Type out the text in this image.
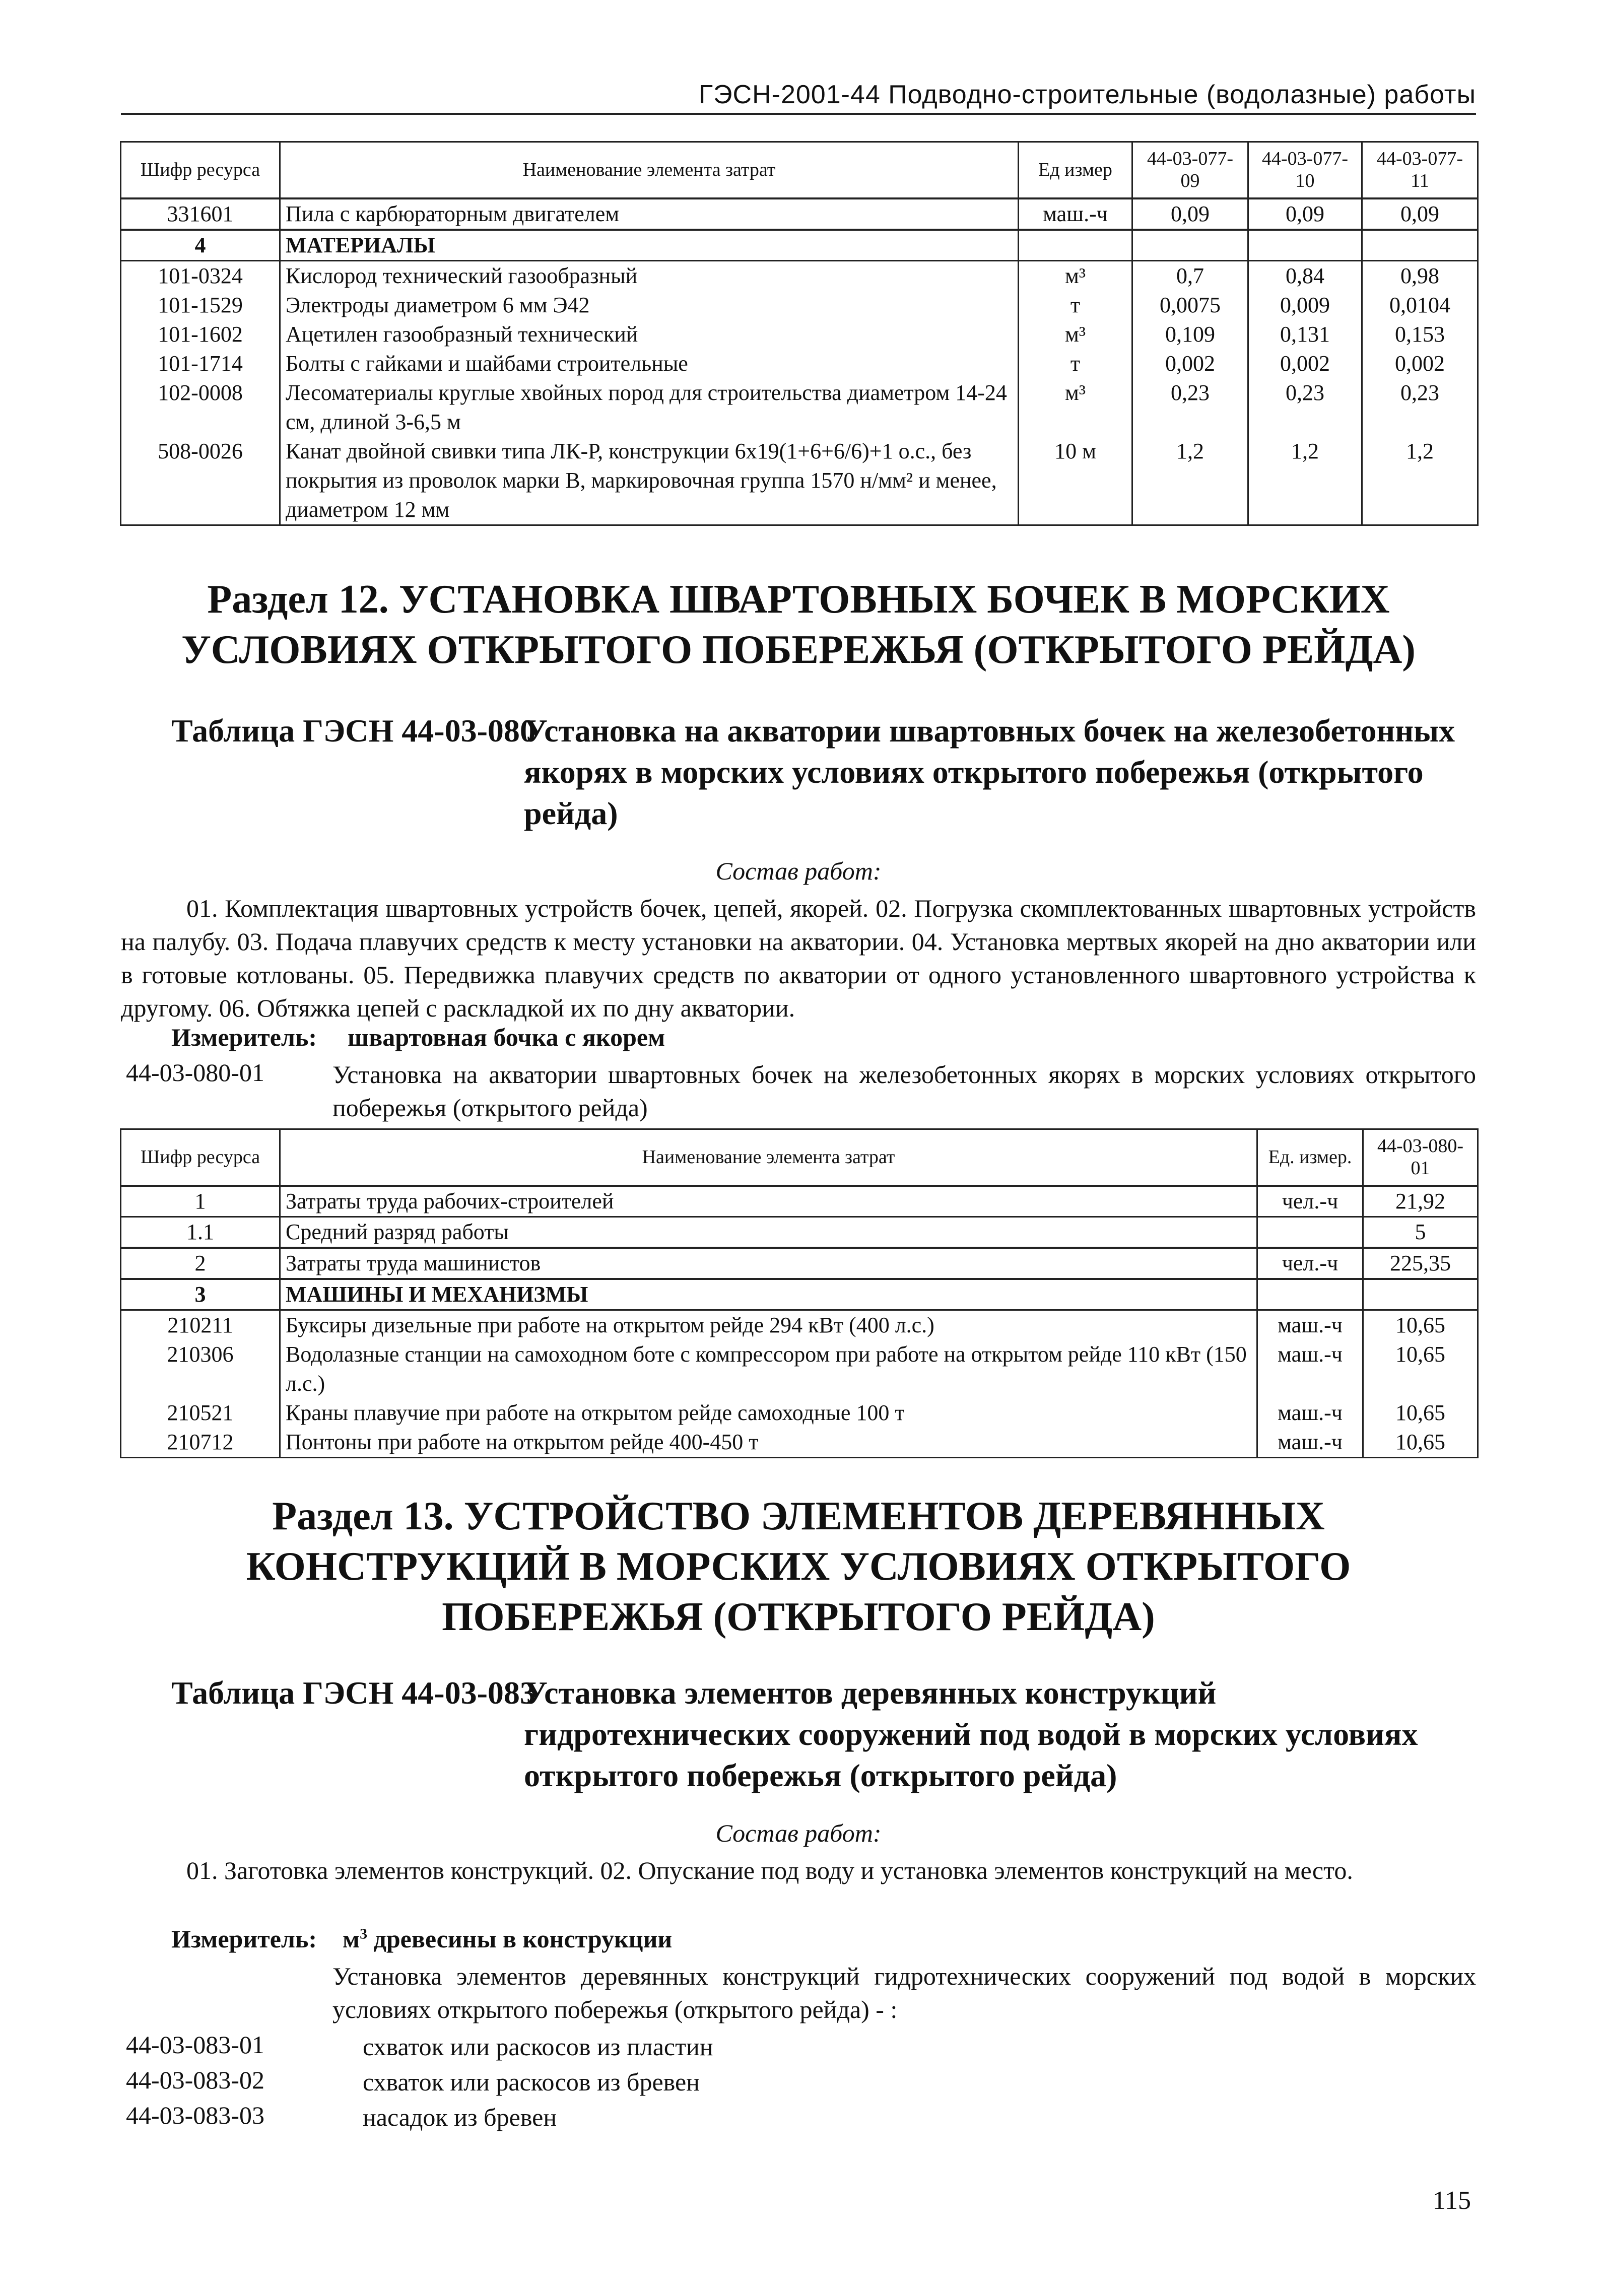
ГЭСН-2001-44 Подводно-строительные (водолазные) работы
Шифр ресурса	Наименование элемента затрат	Ед измер	44-03-077-09	44-03-077-10	44-03-077-11
331601	Пила с карбюраторным двигателем	маш.-ч	0,09	0,09	0,09
4	МАТЕРИАЛЫ				
101-0324	Кислород технический газообразный	м³	0,7	0,84	0,98
101-1529	Электроды диаметром 6 мм Э42	т	0,0075	0,009	0,0104
101-1602	Ацетилен газообразный технический	м³	0,109	0,131	0,153
101-1714	Болты с гайками и шайбами строительные	т	0,002	0,002	0,002
102-0008	Лесоматериалы круглые хвойных пород для строительства диаметром 14-24 см, длиной 3-6,5 м	м³	0,23	0,23	0,23
508-0026	Канат двойной свивки типа ЛК-Р, конструкции 6х19(1+6+6/6)+1 о.с., без покрытия из проволок марки В, маркировочная группа 1570 н/мм² и менее, диаметром 12 мм	10 м	1,2	1,2	1,2
Раздел 12. УСТАНОВКА ШВАРТОВНЫХ БОЧЕК В МОРСКИХ УСЛОВИЯХ ОТКРЫТОГО ПОБЕРЕЖЬЯ (ОТКРЫТОГО РЕЙДА)
Таблица ГЭСН 44-03-080
Установка на акватории швартовных бочек на железобетонных якорях в морских условиях открытого побережья (открытого рейда)
Состав работ:
01. Комплектация швартовных устройств бочек, цепей, якорей. 02. Погрузка скомплектованных швартовных устройств на палубу. 03. Подача плавучих средств к месту установки на акватории. 04. Установка мертвых якорей на дно акватории или в готовые котлованы. 05. Передвижка плавучих средств по акватории от одного установленного швартовного устройства к другому. 06. Обтяжка цепей с раскладкой их по дну акватории.
Измеритель: швартовная бочка с якорем
44-03-080-01	Установка на акватории швартовных бочек на железобетонных якорях в морских условиях открытого побережья (открытого рейда)
Шифр ресурса	Наименование элемента затрат	Ед. измер.	44-03-080-01
1	Затраты труда рабочих-строителей	чел.-ч	21,92
1.1	Средний разряд работы		5
2	Затраты труда машинистов	чел.-ч	225,35
3	МАШИНЫ И МЕХАНИЗМЫ		
210211	Буксиры дизельные при работе на открытом рейде 294 кВт (400 л.с.)	маш.-ч	10,65
210306	Водолазные станции на самоходном боте с компрессором при работе на открытом рейде 110 кВт (150 л.с.)	маш.-ч	10,65
210521	Краны плавучие при работе на открытом рейде самоходные 100 т	маш.-ч	10,65
210712	Понтоны при работе на открытом рейде 400-450 т	маш.-ч	10,65
Раздел 13. УСТРОЙСТВО ЭЛЕМЕНТОВ ДЕРЕВЯННЫХ КОНСТРУКЦИЙ В МОРСКИХ УСЛОВИЯХ ОТКРЫТОГО ПОБЕРЕЖЬЯ (ОТКРЫТОГО РЕЙДА)
Таблица ГЭСН 44-03-083
Установка элементов деревянных конструкций гидротехнических сооружений под водой в морских условиях открытого побережья (открытого рейда)
Состав работ:
01. Заготовка элементов конструкций. 02. Опускание под воду и установка элементов конструкций на место.
Измеритель: $м^3$ древесины в конструкции
Установка элементов деревянных конструкций гидротехнических сооружений под водой в морских условиях открытого побережья (открытого рейда) - :
44-03-083-01	схваток или раскосов из пластин
44-03-083-02	схваток или раскосов из бревен
44-03-083-03	насадок из бревен
115
